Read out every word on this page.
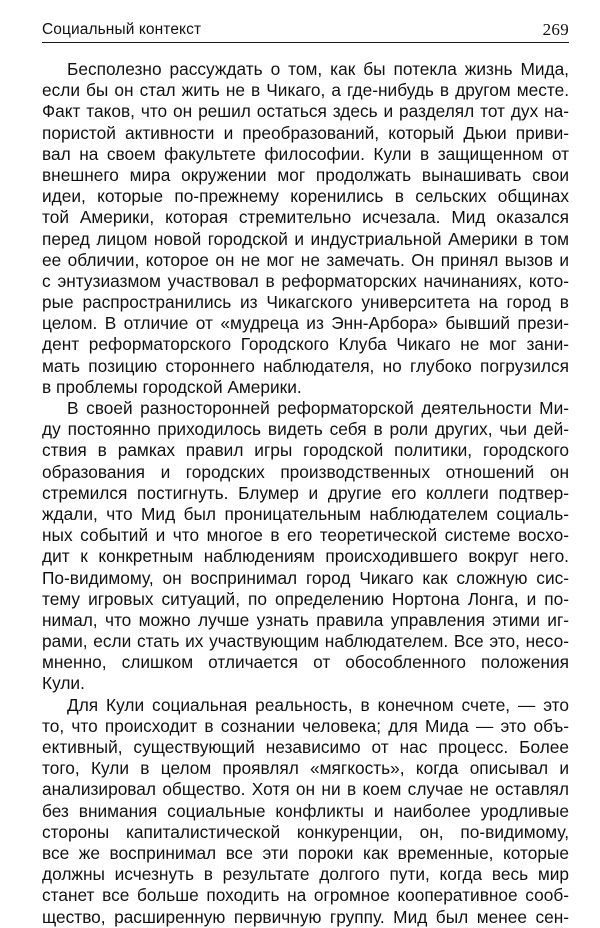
Социальный контекст	269

Бесполезно рассуждать о том, как бы потекла жизнь Мида,
если бы он стал жить не в Чикаго, а где-нибудь в другом месте.
Факт таков, что он решил остаться здесь и разделял тот дух на-
пористой активности и преобразований, который Дьюи приви-
вал на своем факультете философии. Кули в защищенном от
внешнего мира окружении мог продолжать вынашивать свои
идеи, которые по-прежнему коренились в сельских общинах
той Америки, которая стремительно исчезала. Мид оказался
перед лицом новой городской и индустриальной Америки в том
ее обличии, которое он не мог не замечать. Он принял вызов и
с энтузиазмом участвовал в реформаторских начинаниях, кото-
рые распространились из Чикагского университета на город в
целом. В отличие от «мудреца из Энн-Арбора» бывший прези-
дент реформаторского Городского Клуба Чикаго не мог зани-
мать позицию стороннего наблюдателя, но глубоко погрузился
в проблемы городской Америки.

В своей разносторонней реформаторской деятельности Ми-
ду постоянно приходилось видеть себя в роли других, чьи дей-
ствия в рамках правил игры городской политики, городского
образования и городских производственных отношений он
стремился постигнуть. Блумер и другие его коллеги подтвер-
ждали, что Мид был проницательным наблюдателем социаль-
ных событий и что многое в его теоретической системе восхо-
дит к конкретным наблюдениям происходившего вокруг него.
По-видимому, он воспринимал город Чикаго как сложную сис-
тему игровых ситуаций, по определению Нортона Лонга, и по-
нимал, что можно лучше узнать правила управления этими иг-
рами, если стать их участвующим наблюдателем. Все это, несо-
мненно, слишком отличается от обособленного положения
Кули.

Для Кули социальная реальность, в конечном счете, — это
то, что происходит в сознании человека; для Мида — это объ-
ективный, существующий независимо от нас процесс. Более
того, Кули в целом проявлял «мягкость», когда описывал и
анализировал общество. Хотя он ни в коем случае не оставлял
без внимания социальные конфликты и наиболее уродливые
стороны капиталистической конкуренции, он, по-видимому,
все же воспринимал все эти пороки как временные, которые
должны исчезнуть в результате долгого пути, когда весь мир
станет все больше походить на огромное кооперативное сооб-
щество, расширенную первичную группу. Мид был менее сен-
